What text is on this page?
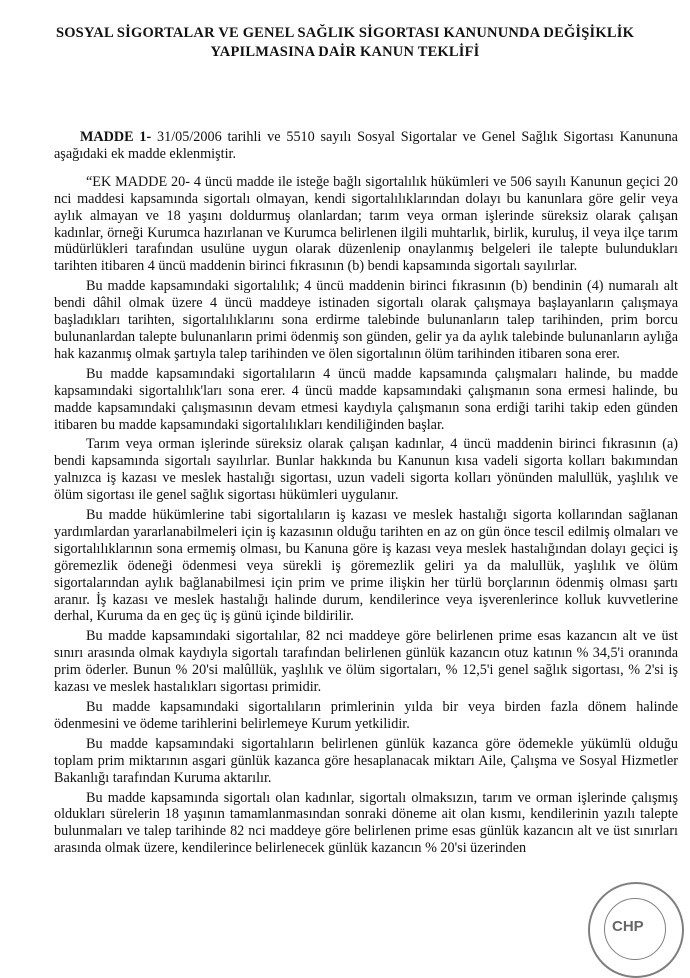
SOSYAL SİGORTALAR VE GENEL SAĞLIK SİGORTASI KANUNUNDA DEĞİŞİKLİK
YAPILMASINA DAİR KANUN TEKLİFİ

MADDE 1- 31/05/2006 tarihli ve 5510 sayılı Sosyal Sigortalar ve Genel Sağlık Sigortası Kanununa aşağıdaki ek madde eklenmiştir.

“EK MADDE 20- 4 üncü madde ile isteğe bağlı sigortalılık hükümleri ve 506 sayılı Kanunun geçici 20 nci maddesi kapsamında sigortalı olmayan, kendi sigortalılıklarından dolayı bu kanunlara göre gelir veya aylık almayan ve 18 yaşını doldurmuş olanlardan; tarım veya orman işlerinde süreksiz olarak çalışan kadınlar, örneği Kurumca hazırlanan ve Kurumca belirlenen ilgili muhtarlık, birlik, kuruluş, il veya ilçe tarım müdürlükleri tarafından usulüne uygun olarak düzenlenip onaylanmış belgeleri ile talepte bulundukları tarihten itibaren 4 üncü maddenin birinci fıkrasının (b) bendi kapsamında sigortalı sayılırlar.

Bu madde kapsamındaki sigortalılık; 4 üncü maddenin birinci fıkrasının (b) bendinin (4) numaralı alt bendi dâhil olmak üzere 4 üncü maddeye istinaden sigortalı olarak çalışmaya başlayanların çalışmaya başladıkları tarihten, sigortalılıklarını sona erdirme talebinde bulunanların talep tarihinden, prim borcu bulunanlardan talepte bulunanların primi ödenmiş son günden, gelir ya da aylık talebinde bulunanların aylığa hak kazanmış olmak şartıyla talep tarihinden ve ölen sigortalının ölüm tarihinden itibaren sona erer.

Bu madde kapsamındaki sigortalıların 4 üncü madde kapsamında çalışmaları halinde, bu madde kapsamındaki sigortalılık'ları sona erer. 4 üncü madde kapsamındaki çalışmanın sona ermesi halinde, bu madde kapsamındaki çalışmasının devam etmesi kaydıyla çalışmanın sona erdiği tarihi takip eden günden itibaren bu madde kapsamındaki sigortalılıkları kendiliğinden başlar.

Tarım veya orman işlerinde süreksiz olarak çalışan kadınlar, 4 üncü maddenin birinci fıkrasının (a) bendi kapsamında sigortalı sayılırlar. Bunlar hakkında bu Kanunun kısa vadeli sigorta kolları bakımından yalnızca iş kazası ve meslek hastalığı sigortası, uzun vadeli sigorta kolları yönünden malullük, yaşlılık ve ölüm sigortası ile genel sağlık sigortası hükümleri uygulanır.

Bu madde hükümlerine tabi sigortalıların iş kazası ve meslek hastalığı sigorta kollarından sağlanan yardımlardan yararlanabilmeleri için iş kazasının olduğu tarihten en az on gün önce tescil edilmiş olmaları ve sigortalılıklarının sona ermemiş olması, bu Kanuna göre iş kazası veya meslek hastalığından dolayı geçici iş göremezlik ödeneği ödenmesi veya sürekli iş göremezlik geliri ya da malullük, yaşlılık ve ölüm sigortalarından aylık bağlanabilmesi için prim ve prime ilişkin her türlü borçlarının ödenmiş olması şartı aranır. İş kazası ve meslek hastalığı halinde durum, kendilerince veya işverenlerince kolluk kuvvetlerine derhal, Kuruma da en geç üç iş günü içinde bildirilir.

Bu madde kapsamındaki sigortalılar, 82 nci maddeye göre belirlenen prime esas kazancın alt ve üst sınırı arasında olmak kaydıyla sigortalı tarafından belirlenen günlük kazancın otuz katının % 34,5'i oranında prim öderler. Bunun % 20'si malûllük, yaşlılık ve ölüm sigortaları, % 12,5'i genel sağlık sigortası, % 2'si iş kazası ve meslek hastalıkları sigortası primidir.

Bu madde kapsamındaki sigortalıların primlerinin yılda bir veya birden fazla dönem halinde ödenmesini ve ödeme tarihlerini belirlemeye Kurum yetkilidir.

Bu madde kapsamındaki sigortalıların belirlenen günlük kazanca göre ödemekle yükümlü olduğu toplam prim miktarının asgari günlük kazanca göre hesaplanacak miktarı Aile, Çalışma ve Sosyal Hizmetler Bakanlığı tarafından Kuruma aktarılır.

Bu madde kapsamında sigortalı olan kadınlar, sigortalı olmaksızın, tarım ve orman işlerinde çalışmış oldukları sürelerin 18 yaşının tamamlanmasından sonraki döneme ait olan kısmı, kendilerinin yazılı talepte bulunmaları ve talep tarihinde 82 nci maddeye göre belirlenen prime esas günlük kazancın alt ve üst sınırları arasında olmak üzere, kendilerince belirlenecek günlük kazancın % 20'si üzerinden

CHP
